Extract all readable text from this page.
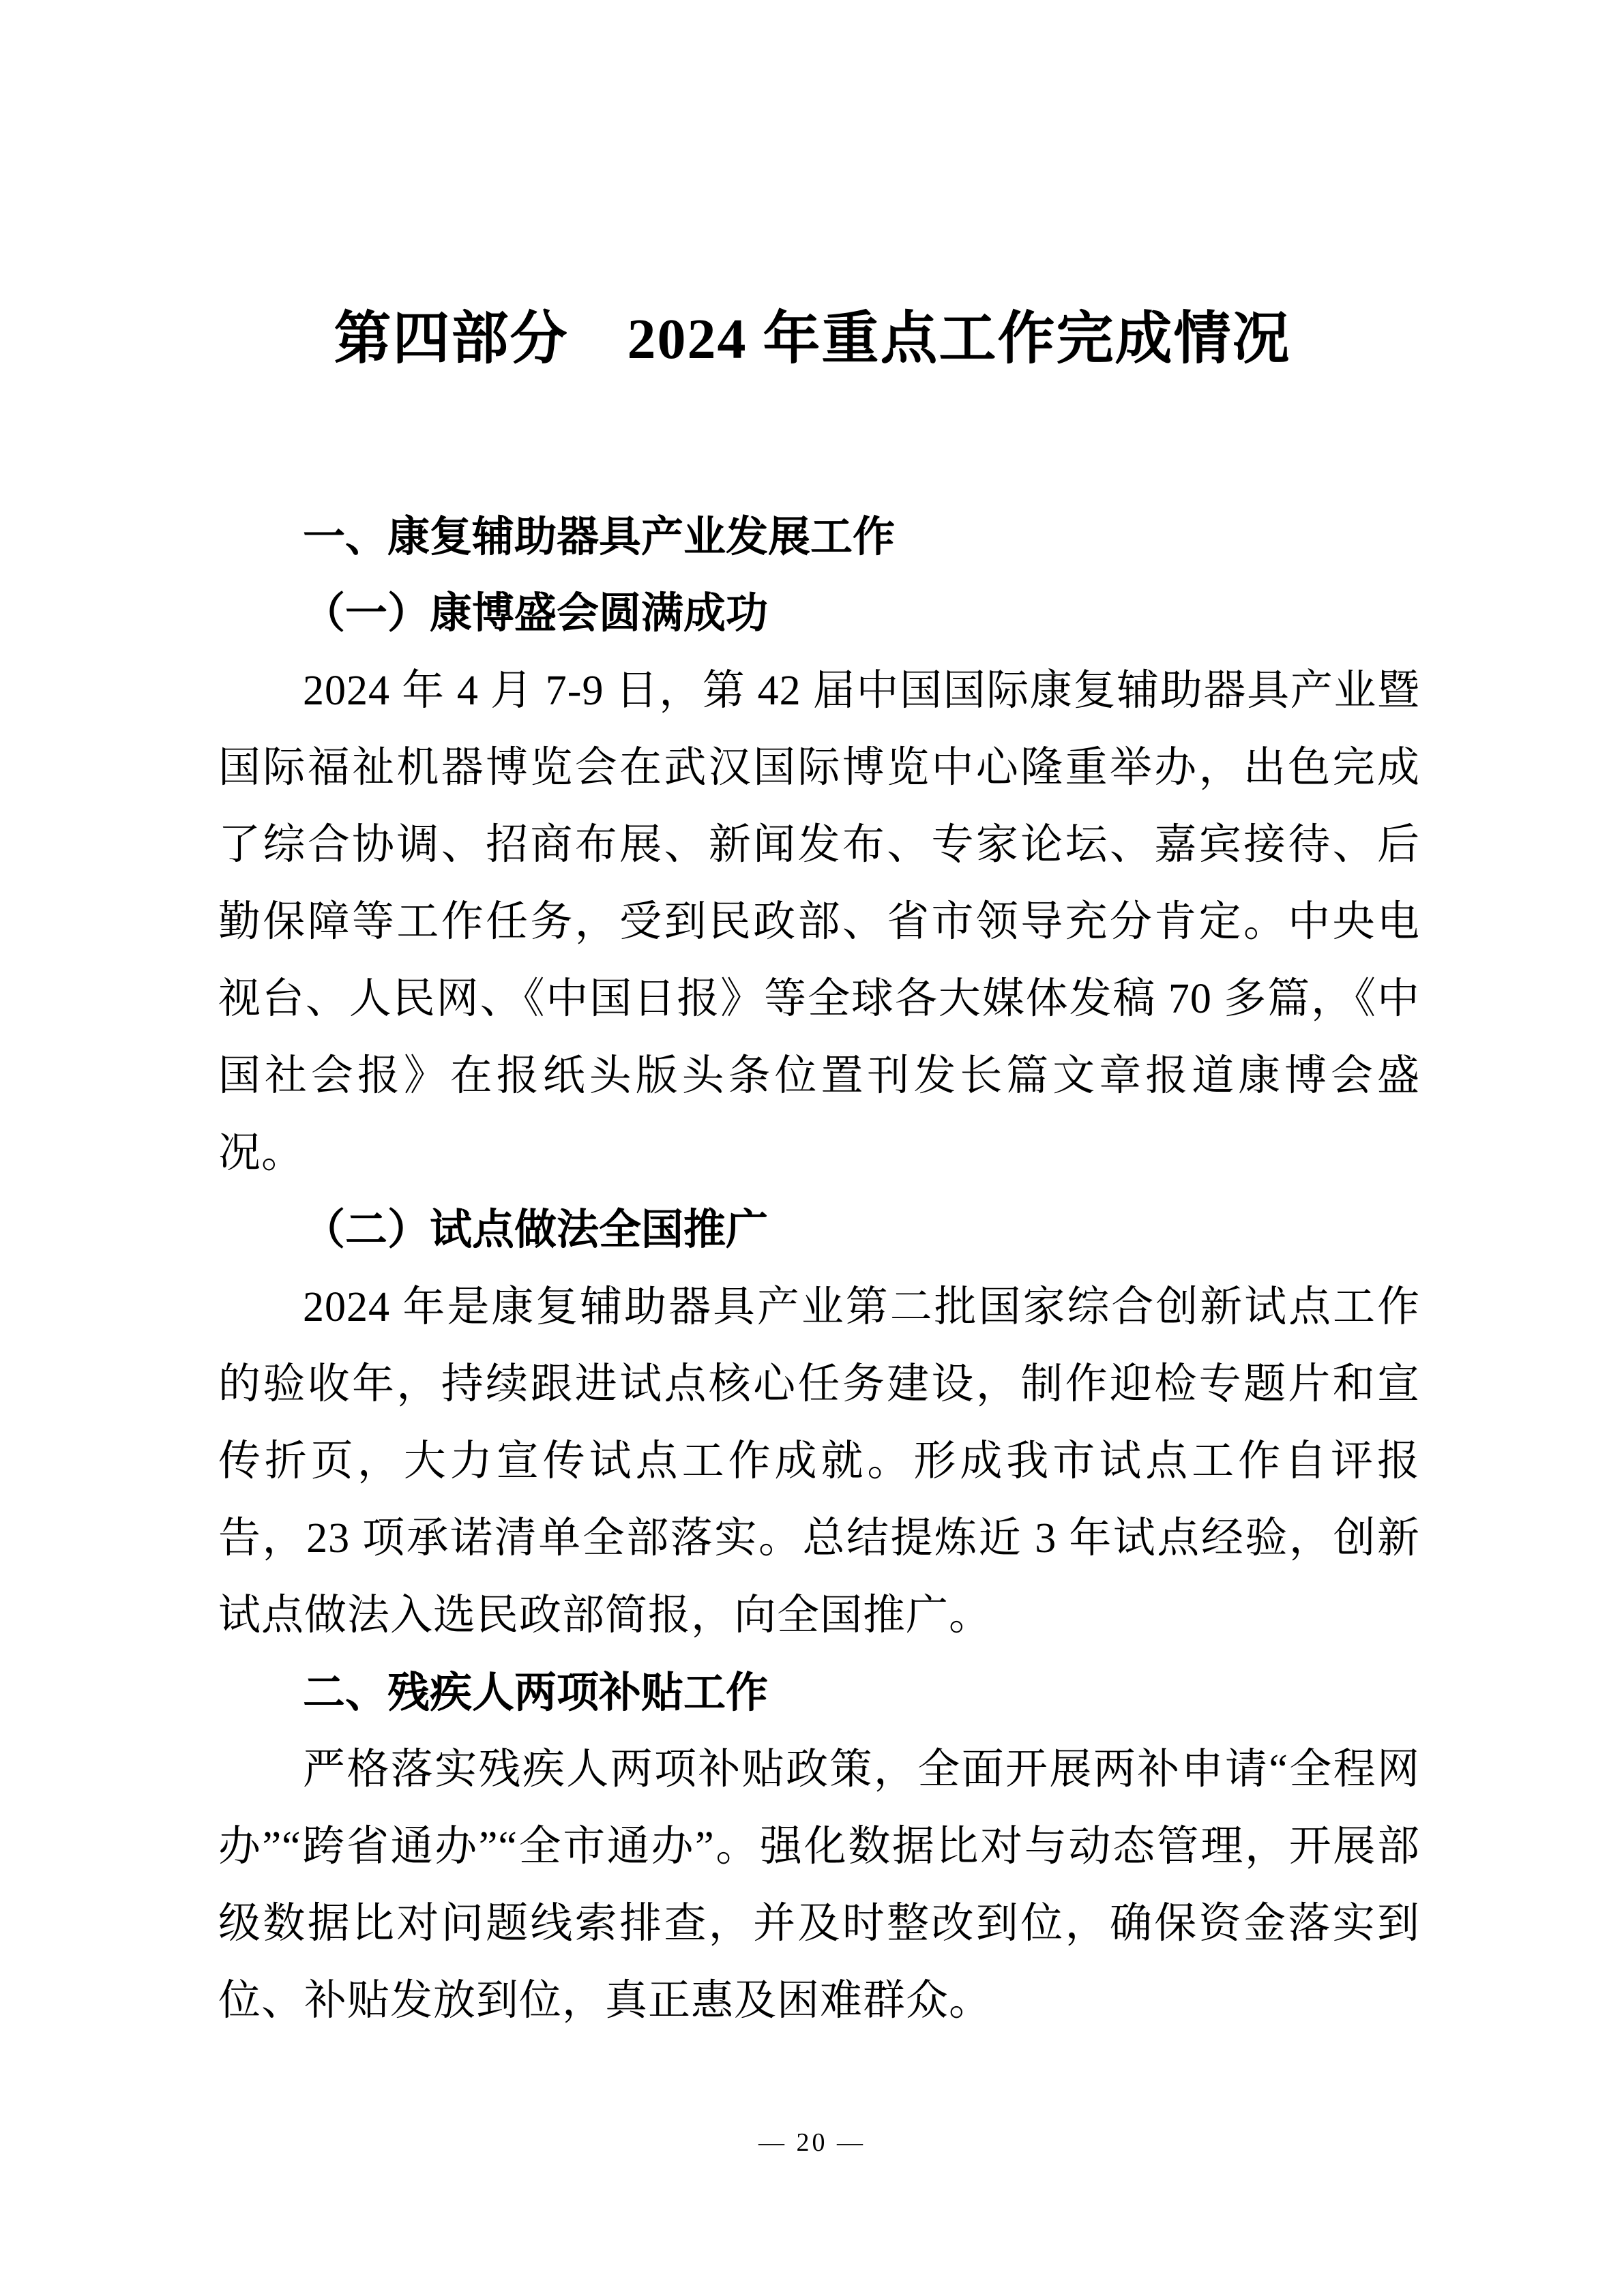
第四部分　2024 年重点工作完成情况
一、康复辅助器具产业发展工作
（一）康博盛会圆满成功
2024 年 4 月 7-9 日，第 42 届中国国际康复辅助器具产业暨国际福祉机器博览会在武汉国际博览中心隆重举办，出色完成了综合协调、招商布展、新闻发布、专家论坛、嘉宾接待、后勤保障等工作任务，受到民政部、省市领导充分肯定。中央电视台、人民网、《中国日报》等全球各大媒体发稿 70 多篇，《中国社会报》在报纸头版头条位置刊发长篇文章报道康博会盛况。
（二）试点做法全国推广
2024 年是康复辅助器具产业第二批国家综合创新试点工作的验收年，持续跟进试点核心任务建设，制作迎检专题片和宣传折页，大力宣传试点工作成就。形成我市试点工作自评报告，23 项承诺清单全部落实。总结提炼近 3 年试点经验，创新试点做法入选民政部简报，向全国推广。
二、残疾人两项补贴工作
严格落实残疾人两项补贴政策，全面开展两补申请“全程网办”“跨省通办”“全市通办”。强化数据比对与动态管理，开展部级数据比对问题线索排查，并及时整改到位，确保资金落实到位、补贴发放到位，真正惠及困难群众。
— 20 —
